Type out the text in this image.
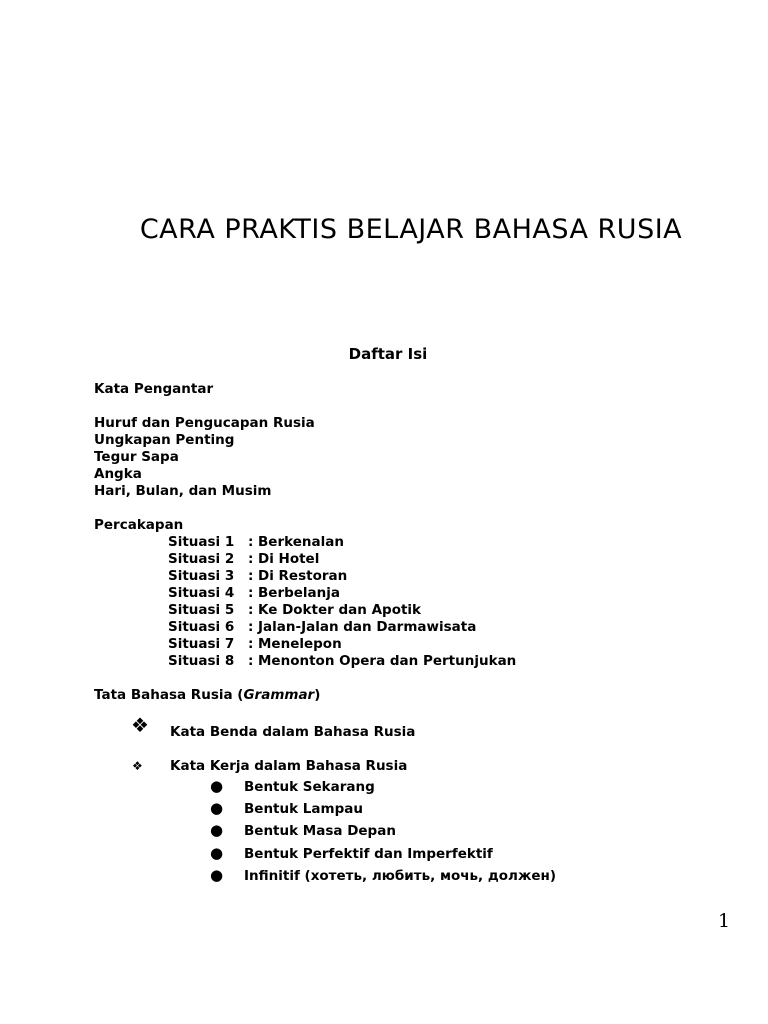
CARA PRAKTIS BELAJAR BAHASA RUSIA
Daftar Isi
Kata Pengantar
Huruf dan Pengucapan Rusia
Ungkapan Penting
Tegur Sapa
Angka
Hari, Bulan, dan Musim
Percakapan
Situasi 1 : Berkenalan
Situasi 2 : Di Hotel
Situasi 3 : Di Restoran
Situasi 4 : Berbelanja
Situasi 5 : Ke Dokter dan Apotik
Situasi 6 : Jalan-Jalan dan Darmawisata
Situasi 7 : Menelepon
Situasi 8 : Menonton Opera dan Pertunjukan
Tata Bahasa Rusia (Grammar)
❖ Kata Benda dalam Bahasa Rusia
❖ Kata Kerja dalam Bahasa Rusia
● Bentuk Sekarang
● Bentuk Lampau
● Bentuk Masa Depan
● Bentuk Perfektif dan Imperfektif
● Infinitif (хотеть, любить, мочь, должен)
1
